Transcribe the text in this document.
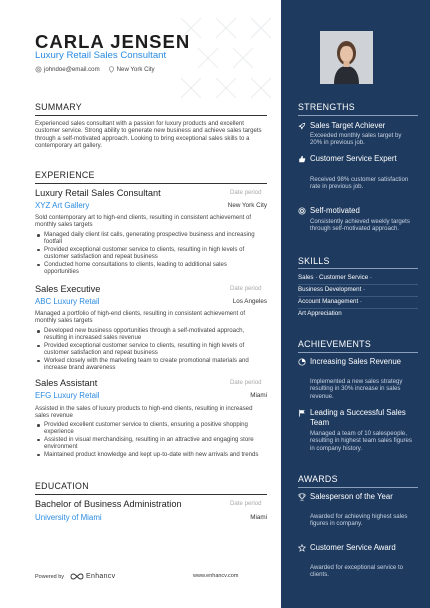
CARLA JENSEN
Luxury Retail Sales Consultant
johndoe@email.com	New York City
SUMMARY
Experienced sales consultant with a passion for luxury products and excellent customer service. Strong ability to generate new business and achieve sales targets through a self-motivated approach. Looking to bring exceptional sales skills to a contemporary art gallery.
EXPERIENCE
Luxury Retail Sales Consultant	Date period
XYZ Art Gallery	New York City
Sold contemporary art to high-end clients, resulting in consistent achievement of monthly sales targets
Managed daily client list calls, generating prospective business and increasing footfall
Provided exceptional customer service to clients, resulting in high levels of customer satisfaction and repeat business
Conducted home consultations to clients, leading to additional sales opportunities
Sales Executive	Date period
ABC Luxury Retail	Los Angeles
Managed a portfolio of high-end clients, resulting in consistent achievement of monthly sales targets
Developed new business opportunities through a self-motivated approach, resulting in increased sales revenue
Provided exceptional customer service to clients, resulting in high levels of customer satisfaction and repeat business
Worked closely with the marketing team to create promotional materials and increase brand awareness
Sales Assistant	Date period
EFG Luxury Retail	Miami
Assisted in the sales of luxury products to high-end clients, resulting in increased sales revenue
Provided excellent customer service to clients, ensuring a positive shopping experience
Assisted in visual merchandising, resulting in an attractive and engaging store environment
Maintained product knowledge and kept up-to-date with new arrivals and trends
EDUCATION
Bachelor of Business Administration	Date period
University of Miami	Miami
Powered by	Enhancv	www.enhancv.com
STRENGTHS
Sales Target Achiever
Exceeded monthly sales target by 20% in previous job.
Customer Service Expert
Received 98% customer satisfaction rate in previous job.
Self-motivated
Consistently achieved weekly targets through self-motivated approach.
SKILLS
Sales · Customer Service ·
Business Development ·
Account Management ·
Art Appreciation
ACHIEVEMENTS
Increasing Sales Revenue
Implemented a new sales strategy resulting in 30% increase in sales revenue.
Leading a Successful Sales Team
Managed a team of 10 salespeople, resulting in highest team sales figures in company history.
AWARDS
Salesperson of the Year
Awarded for achieving highest sales figures in company.
Customer Service Award
Awarded for exceptional service to clients.
